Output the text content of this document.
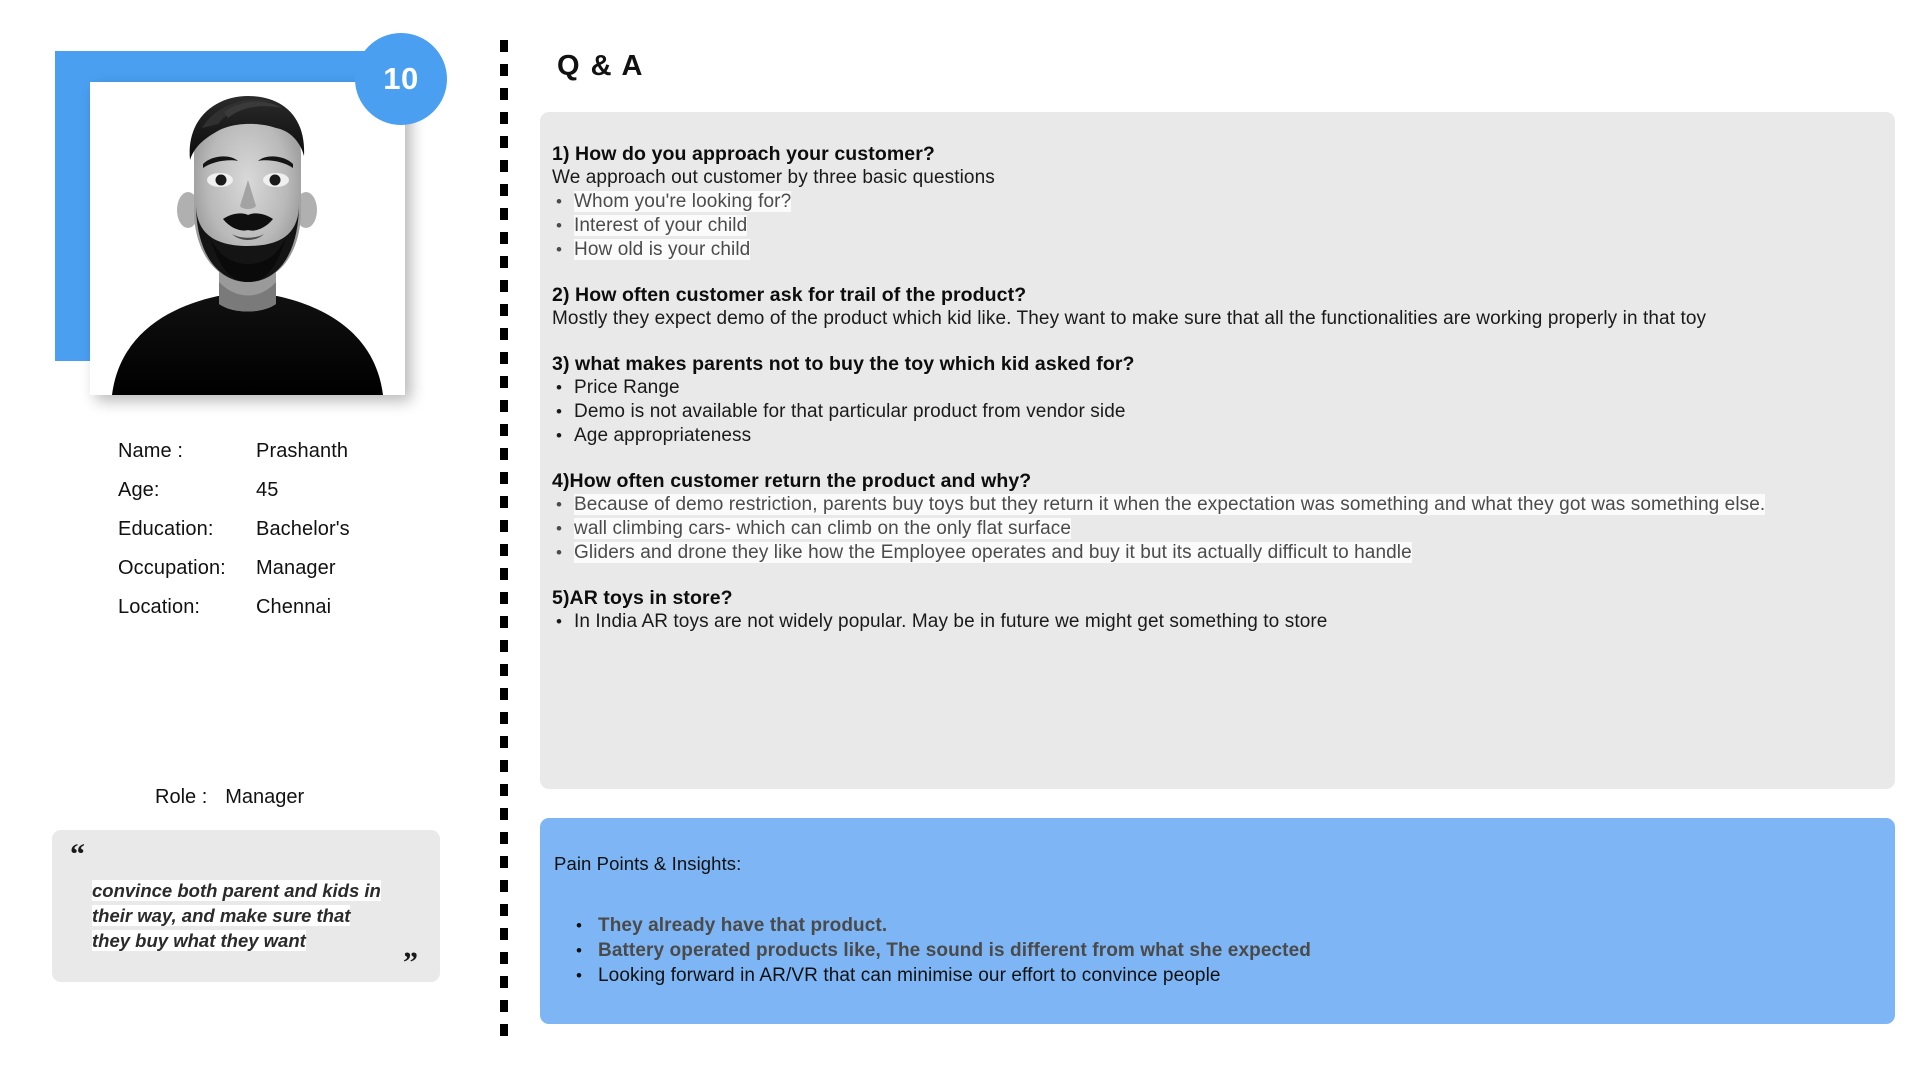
10
Name :	Prashanth
Age:	45
Education:	Bachelor's
Occupation:	Manager
Location:	Chennai
Role : Manager
“
convince both parent and kids in their way, and make sure that they buy what they want
”
Q & A
1) How do you approach your customer?
We approach out customer by three basic questions
• Whom you're looking for?
• Interest of your child
• How old is your child
2) How often customer ask for trail of the product?
Mostly they expect demo of the product which kid like. They want to make sure that all the functionalities are working properly in that toy
3) what makes parents not to buy the toy which kid asked for?
• Price Range
• Demo is not available for that particular product from vendor side
• Age appropriateness
4)How often customer return the product and why?
• Because of demo restriction, parents buy toys but they return it when the expectation was something and what they got was something else.
• wall climbing cars- which can climb on the only flat surface
• Gliders and drone they like how the Employee operates and buy it but its actually difficult to handle
5)AR toys in store?
• In India AR toys are not widely popular. May be in future we might get something to store
Pain Points & Insights:
• They already have that product.
• Battery operated products like, The sound is different from what she expected
• Looking forward in AR/VR that can minimise our effort to convince people
